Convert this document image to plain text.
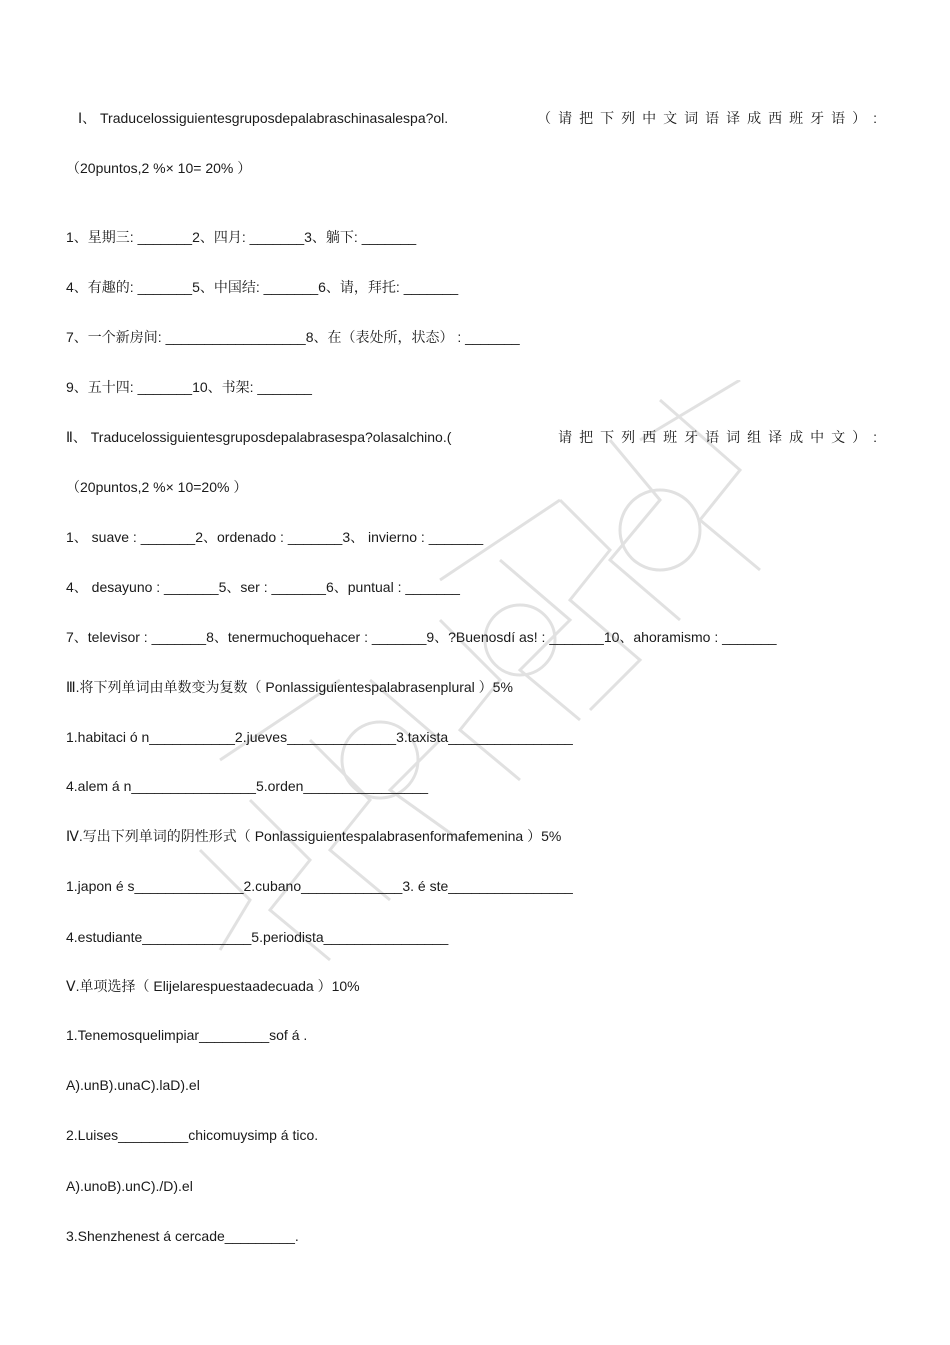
Ⅰ、 Traducelossiguientesgruposdepalabraschinasalespa?ol.	（请把下列中文词语译成西班牙语）:
（20puntos,2 %× 10= 20% ）
1、星期三: _______2、四月: _______3、躺下: _______
4、有趣的: _______5、中国结: _______6、请，拜托: _______
7、一个新房间: __________________8、在（表处所，状态） : _______
9、五十四: _______10、书架: _______
Ⅱ、 Traducelossiguientesgruposdepalabrasespa?olasalchino.(	请把下列西班牙语词组译成中文）:
（20puntos,2 %× 10=20% ）
1、 suave : _______2、ordenado : _______3、 invierno : _______
4、 desayuno : _______5、ser : _______6、puntual : _______
7、televisor : _______8、tenermuchoquehacer : _______9、?Buenosdí as! : _______10、ahoramismo : _______
Ⅲ.将下列单词由单数变为复数（ Ponlassiguientespalabrasenplural ）5%
1.habitaci ó n___________2.jueves______________3.taxista________________
4.alem á n________________5.orden________________
Ⅳ.写出下列单词的阴性形式（ Ponlassiguientespalabrasenformafemenina ）5%
1.japon é s______________2.cubano_____________3. é ste________________
4.estudiante______________5.periodista________________
Ⅴ.单项选择（ Elijelarespuestaadecuada ）10%
1.Tenemosquelimpiar_________sof á .
A).unB).unaC).laD).el
2.Luises_________chicomuysimp á tico.
A).unoB).unC)./D).el
3.Shenzhenest á cercade_________.
